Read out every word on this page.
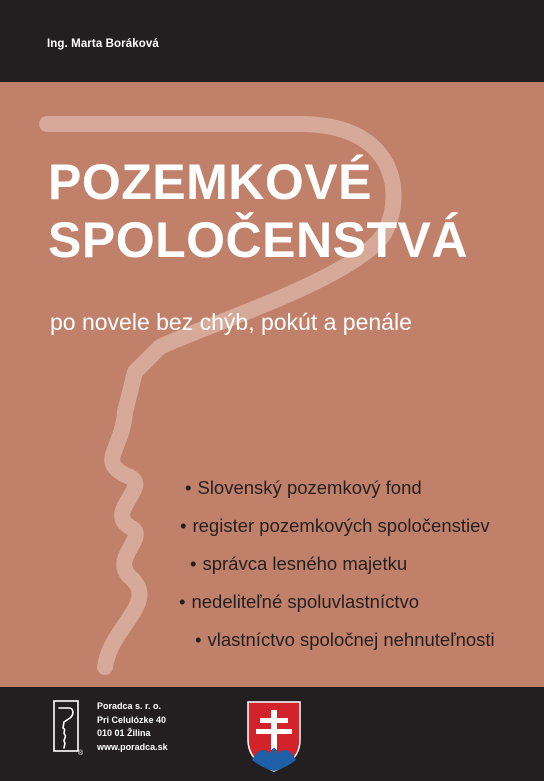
Ing. Marta Boráková
POZEMKOVÉ
SPOLOČENSTVÁ
po novele bez chýb, pokút a penále
• Slovenský pozemkový fond
• register pozemkových spoločenstiev
• správca lesného majetku
• nedeliteľné spoluvlastníctvo
• vlastníctvo spoločnej nehnuteľnosti
®
Poradca s. r. o.
Pri Celulózke 40
010 01 Žilina
www.poradca.sk
